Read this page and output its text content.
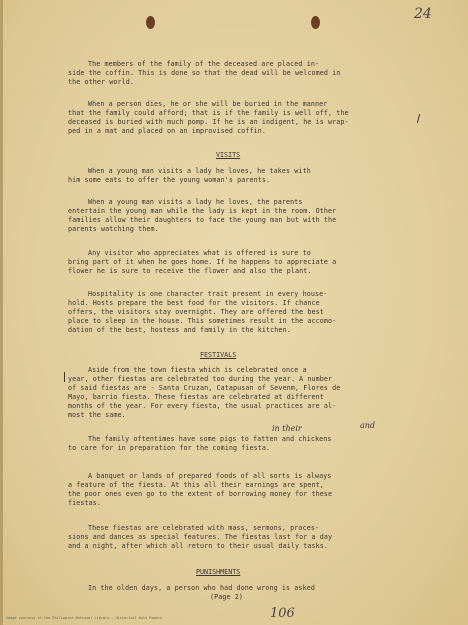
24
The members of the family of the deceased are placed in-
side the coffin. This is done so that the dead will be welcomed in
the other world.
When a person dies, he or she will be buried in the manner
that the family could afford; that is if the family is well off, the
deceased is buried with much pomp. If he is an indigent, he is wrap-
ped in a mat and placed on an improvised coffin.
VISITS
When a young man visits a lady he loves, he takes with
him some eats to offer the young woman's parents.
When a young man visits a lady he loves, the parents
entertain the young man while the lady is kept in the room. Other
families allow their daughters to face the young man but with the
parents watching them.
Any visitor who appreciates what is offered is sure to
bring part of it when he goes home. If he happens to appreciate a
flower he is sure to receive the flower and also the plant.
Hospitality is one character trait present in every house-
hold. Hosts prepare the best food for the visitors. If chance
offers, the visitors stay overnight. They are offered the best
place to sleep in the house. This sometimes result in the accomo-
dation of the best, hostess and family in the kitchen.
FESTIVALS
Aside from the town fiesta which is celebrated once a
year, other fiestas are celebrated too during the year. A number
of said fiestas are - Santa Cruzan, Catapusan of Sevenm, Flores de
Mayo, barrio fiesta. These fiestas are celebrated at different
months of the year. For every fiesta, the usual practices are al-
most the same.
in their	and
The family oftentimes have some pigs to fatten and chickens
to care for in preparation for the coming fiesta.
A banquet or lands of prepared foods of all sorts is always
a feature of the fiesta. At this all their earnings are spent,
the poor ones even go to the extent of borrowing money for these
fiestas.
These fiestas are celebrated with mass, sermons, proces-
sions and dances as special features. The fiestas last for a day
and a night, after which all return to their usual daily tasks.
PUNISHMENTS
In the olden days, a person who had done wrong is asked
(Page 2)
106
Image courtesy of the Philippine National Library — Historical Data Papers
